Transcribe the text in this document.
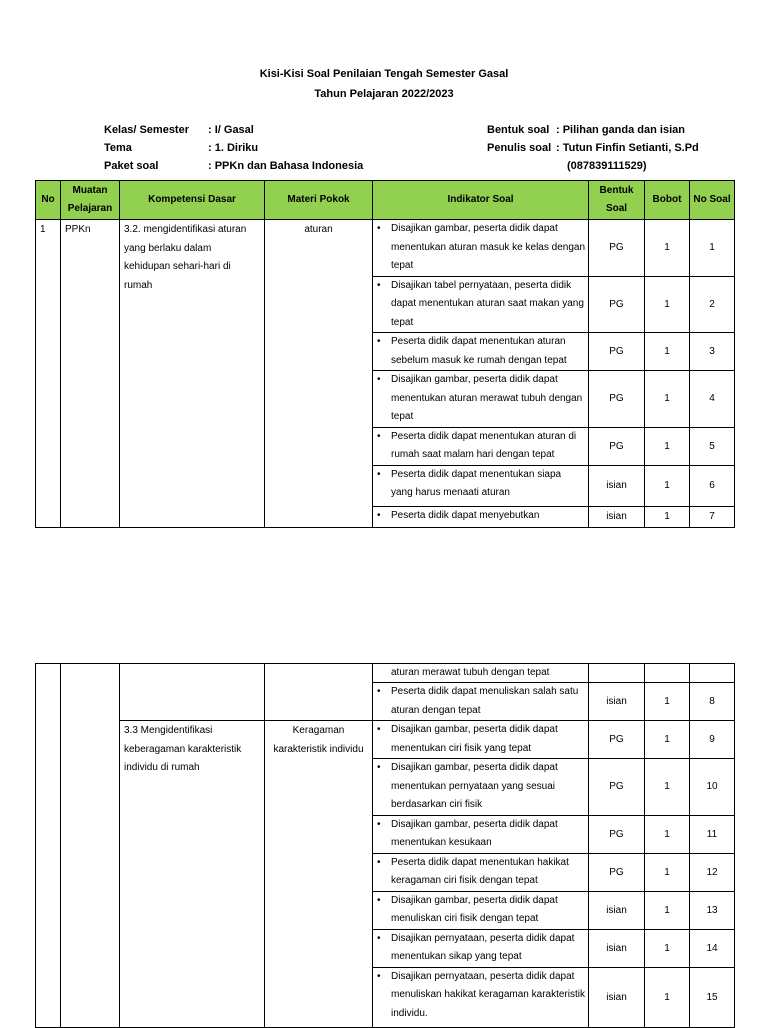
Kisi-Kisi Soal Penilaian Tengah Semester Gasal
Tahun Pelajaran 2022/2023
Kelas/ Semester : I/ Gasal
Tema	: 1. Diriku
Paket soal	: PPKn dan Bahasa Indonesia
Bentuk soal : Pilihan ganda dan isian
Penulis soal : Tutun Finfin Setianti, S.Pd
(087839111529)
No	Muatan Pelajaran	Kompetensi Dasar	Materi Pokok	Indikator Soal	Bentuk Soal	Bobot	No Soal
1	PPKn	3.2. mengidentifikasi aturan yang berlaku dalam kehidupan sehari-hari di rumah	aturan	• Disajikan gambar, peserta didik dapat menentukan aturan masuk ke kelas dengan tepat	PG	1	1

				• Disajikan tabel pernyataan, peserta didik dapat menentukan aturan saat makan yang tepat	PG	1	2

				• Peserta didik dapat menentukan aturan sebelum masuk ke rumah dengan tepat	PG	1	3

				• Disajikan gambar, peserta didik dapat menentukan aturan merawat tubuh dengan tepat	PG	1	4

				• Peserta didik dapat menentukan aturan di rumah saat malam hari dengan tepat	PG	1	5

				• Peserta didik dapat menentukan siapa yang harus menaati aturan	isian	1	6

				• Peserta didik dapat menyebutkan	isian	1	7
				aturan merawat tubuh dengan tepat			

				• Peserta didik dapat menuliskan salah satu aturan dengan tepat	isian	1	8
		3.3 Mengidentifikasi keberagaman karakteristik individu di rumah	Keragaman karakteristik individu	• Disajikan gambar, peserta didik dapat menentukan ciri fisik yang tepat	PG	1	9

				• Disajikan gambar, peserta didik dapat menentukan pernyataan yang sesuai berdasarkan ciri fisik	PG	1	10

				• Disajikan gambar, peserta didik dapat menentukan kesukaan	PG	1	11

				• Peserta didik dapat menentukan hakikat keragaman ciri fisik dengan tepat	PG	1	12

				• Disajikan gambar, peserta didik dapat menuliskan ciri fisik dengan tepat	isian	1	13

				• Disajikan pernyataan, peserta didik dapat menentukan sikap yang tepat	isian	1	14

				• Disajikan pernyataan, peserta didik dapat menuliskan hakikat keragaman karakteristik individu.	isian	1	15
